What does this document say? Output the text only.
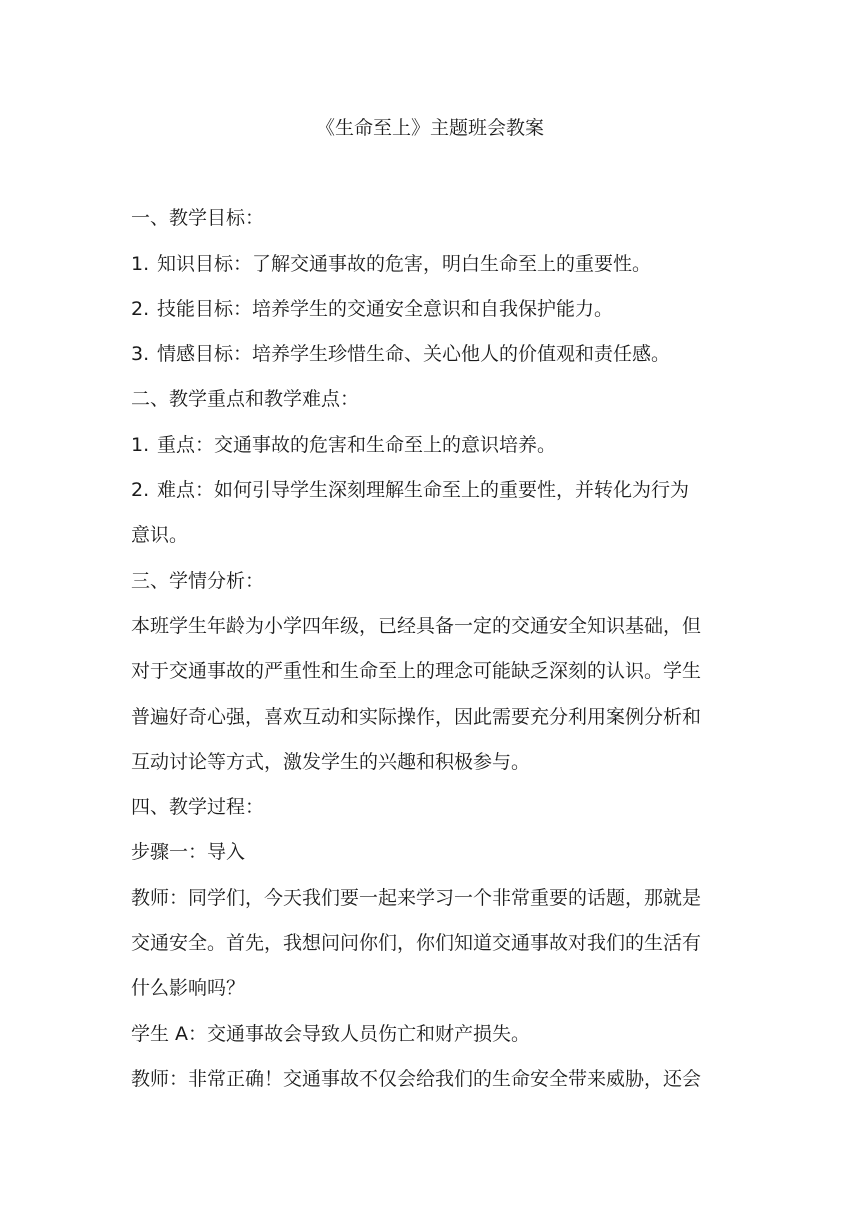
《生命至上》主题班会教案
一、教学目标：
1. 知识目标：了解交通事故的危害，明白生命至上的重要性。
2. 技能目标：培养学生的交通安全意识和自我保护能力。
3. 情感目标：培养学生珍惜生命、关心他人的价值观和责任感。
二、教学重点和教学难点：
1. 重点：交通事故的危害和生命至上的意识培养。
2. 难点：如何引导学生深刻理解生命至上的重要性，并转化为行为
意识。
三、学情分析：
本班学生年龄为小学四年级，已经具备一定的交通安全知识基础，但
对于交通事故的严重性和生命至上的理念可能缺乏深刻的认识。学生
普遍好奇心强，喜欢互动和实际操作，因此需要充分利用案例分析和
互动讨论等方式，激发学生的兴趣和积极参与。
四、教学过程：
步骤一：导入
教师：同学们，今天我们要一起来学习一个非常重要的话题，那就是
交通安全。首先，我想问问你们，你们知道交通事故对我们的生活有
什么影响吗？
学生 A：交通事故会导致人员伤亡和财产损失。
教师：非常正确！交通事故不仅会给我们的生命安全带来威胁，还会
